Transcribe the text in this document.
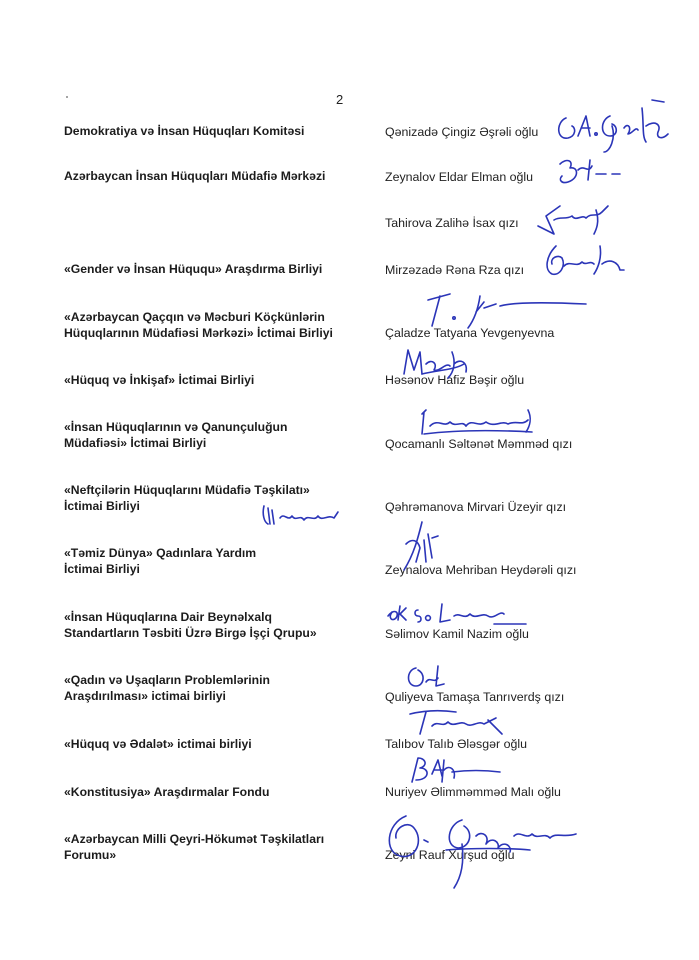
2
Demokratiya və İnsan Hüquqları Komitəsi
Azərbaycan İnsan Hüquqları Müdafiə Mərkəzi
«Gender və İnsan Hüququ» Araşdırma Birliyi
«Azərbaycan Qaçqın və Məcburi Köçkünlərin
Hüquqlarının Müdafiəsi Mərkəzi» İctimai Birliyi
«Hüquq və İnkişaf» İctimai Birliyi
«İnsan Hüquqlarının və Qanunçuluğun
Müdafiəsi» İctimai Birliyi
«Neftçilərin Hüquqlarını Müdafiə Təşkilatı»
İctimai Birliyi
«Təmiz Dünya» Qadınlara Yardım
İctimai Birliyi
«İnsan Hüquqlarına Dair Beynəlxalq
Standartların Təsbiti Üzrə Birgə İşçi Qrupu»
«Qadın və Uşaqların Problemlərinin
Araşdırılması» ictimai birliyi
«Hüquq və Ədalət» ictimai birliyi
«Konstitusiya» Araşdırmalar Fondu
«Azərbaycan Milli Qeyri-Hökumət Təşkilatları
Forumu»
Qənizadə Çingiz Əşrəli oğlu
Zeynalov Eldar Elman oğlu
Tahirova Zalihə İsax qızı
Mirzəzadə Rəna Rza qızı
Çaladze Tatyana Yevgenyevna
Həsənov Hafiz Bəşir oğlu
Qocamanlı Səltənət Məmməd qızı
Qəhrəmanova Mirvari Üzeyir qızı
Zeynalova Mehriban Heydərəli qızı
Səlimov Kamil Nazim oğlu
Quliyeva Tamaşa Tanrıverdş qızı
Talıbov Talıb Ələsgər oğlu
Nuriyev Əlimməmməd Malı oğlu
Zeyni Rauf Xurşud oğlu
